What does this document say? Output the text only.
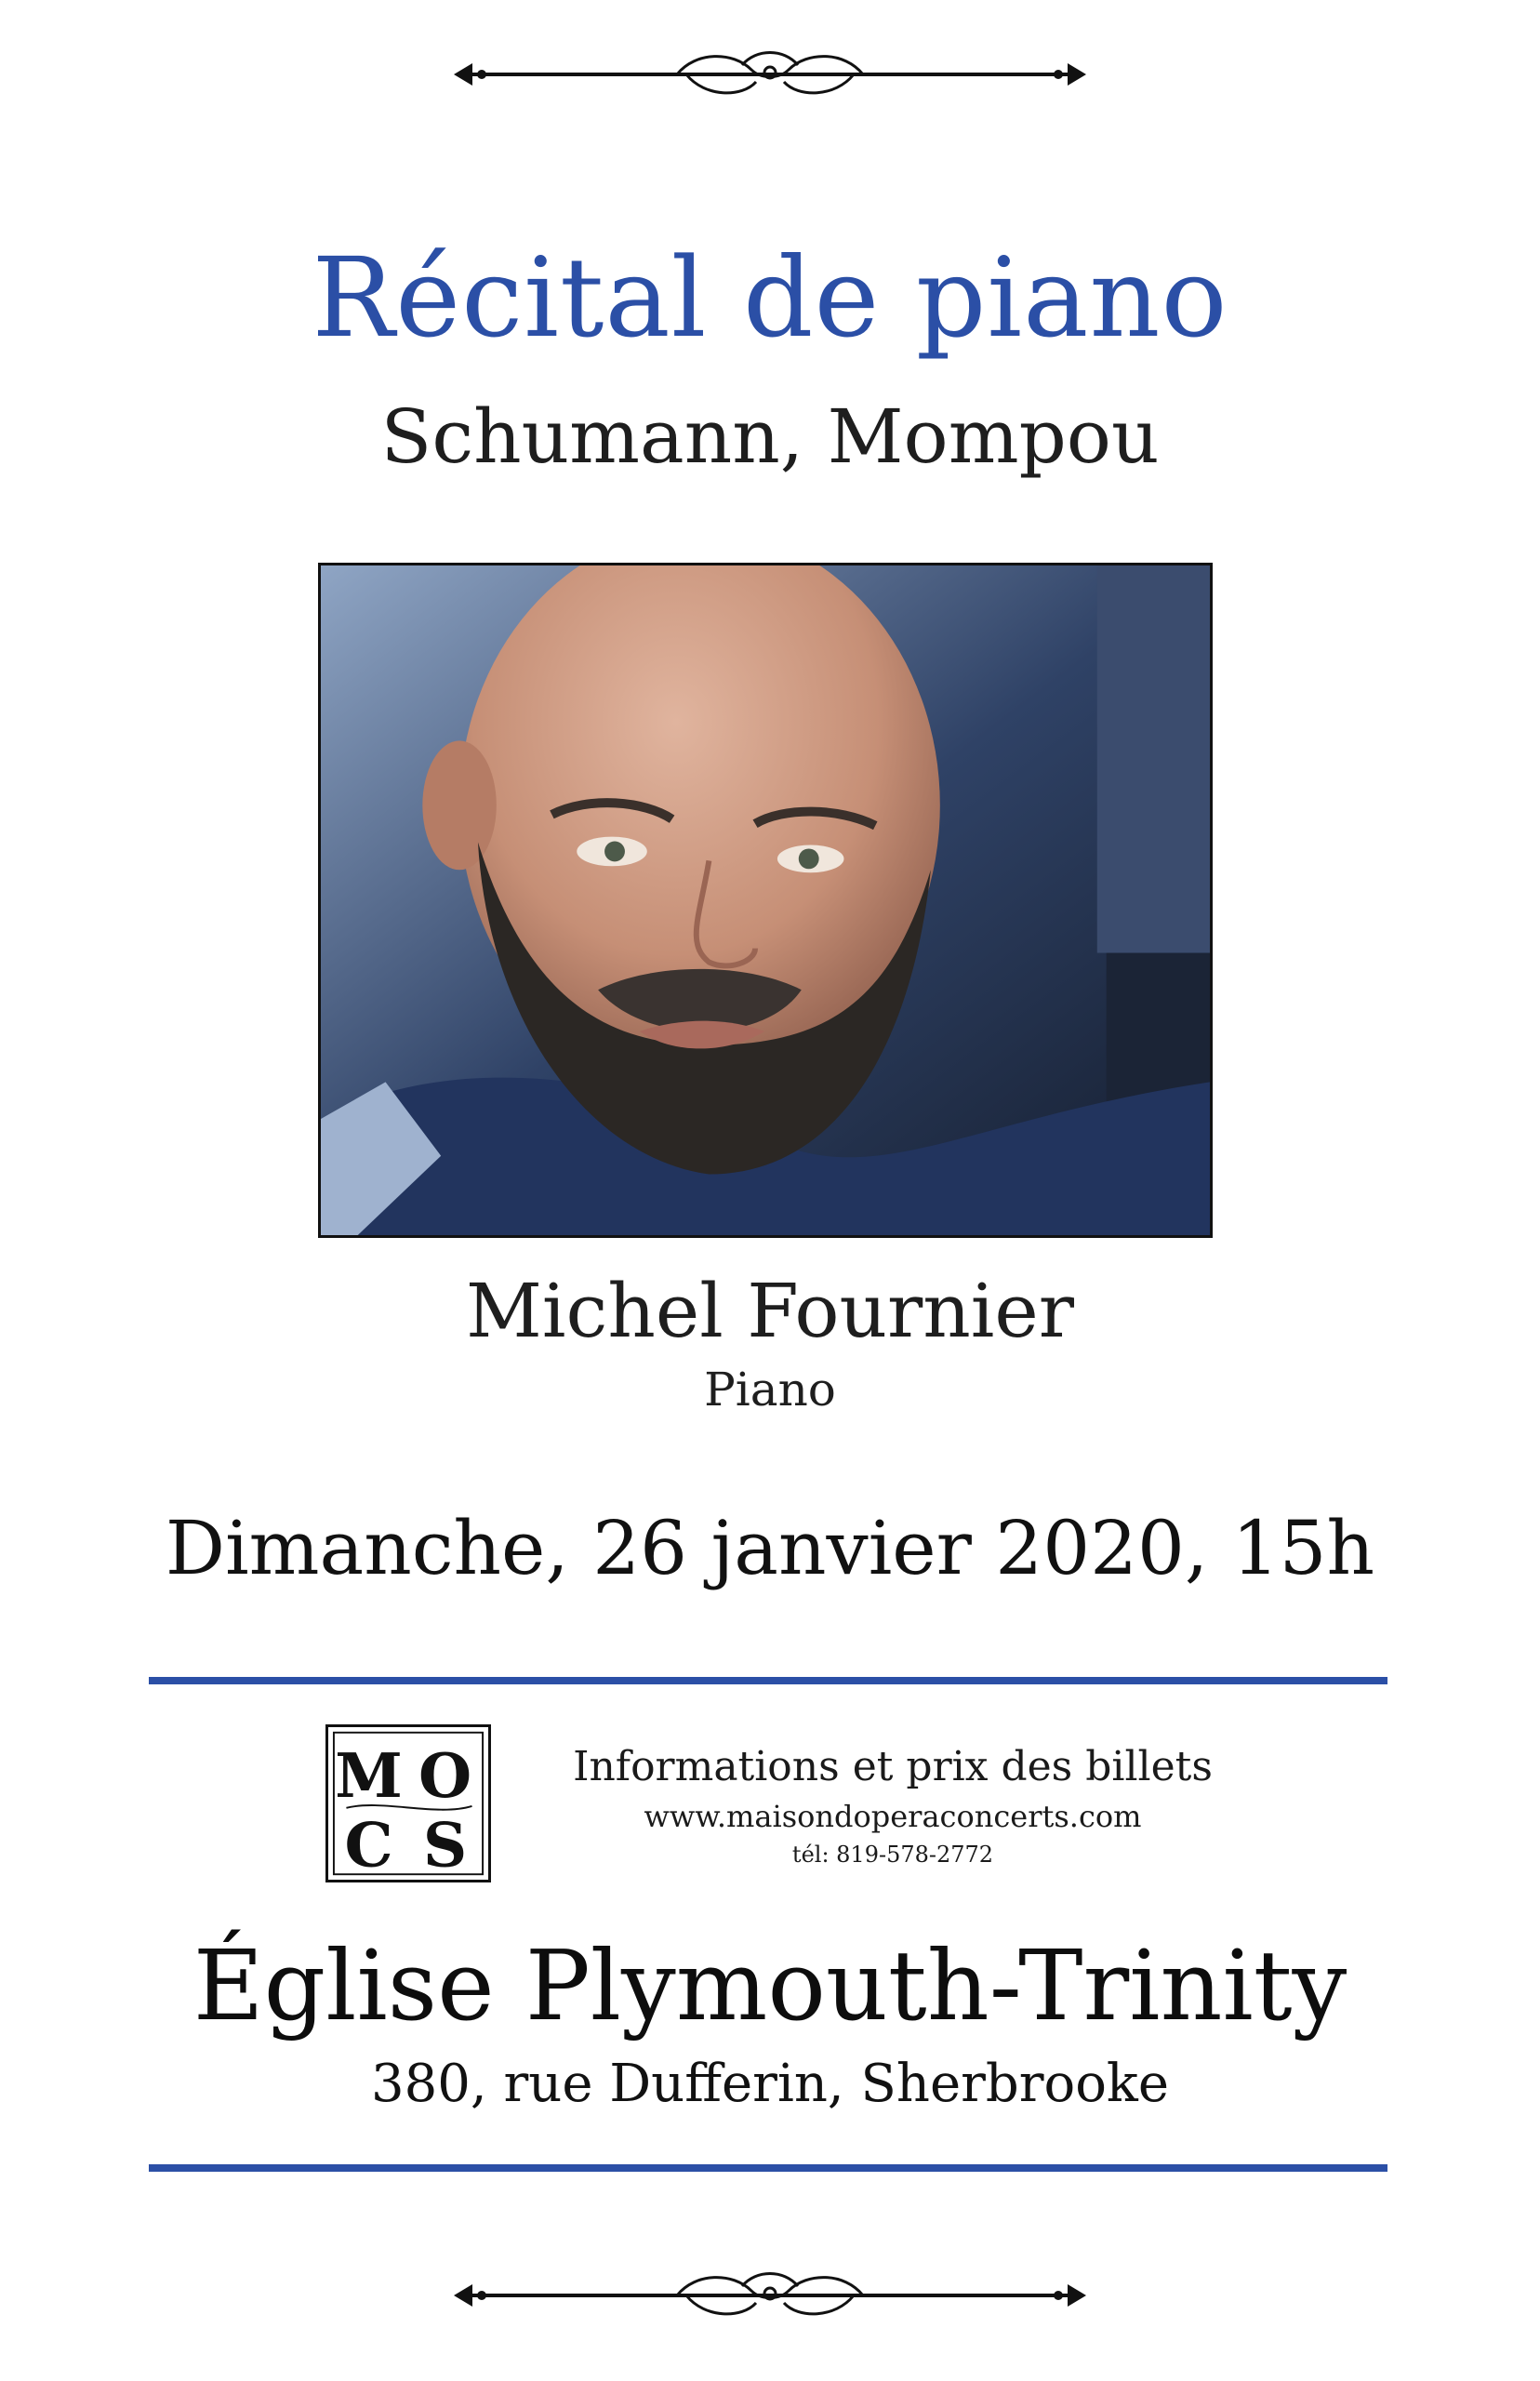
Récital de piano
Schumann, Mompou
Michel Fournier
Piano
Dimanche, 26 janvier 2020, 15h
M O
C S
Informations et prix des billets
www.maisondoperaconcerts.com
tél: 819-578-2772
Église Plymouth-Trinity
380, rue Dufferin, Sherbrooke
